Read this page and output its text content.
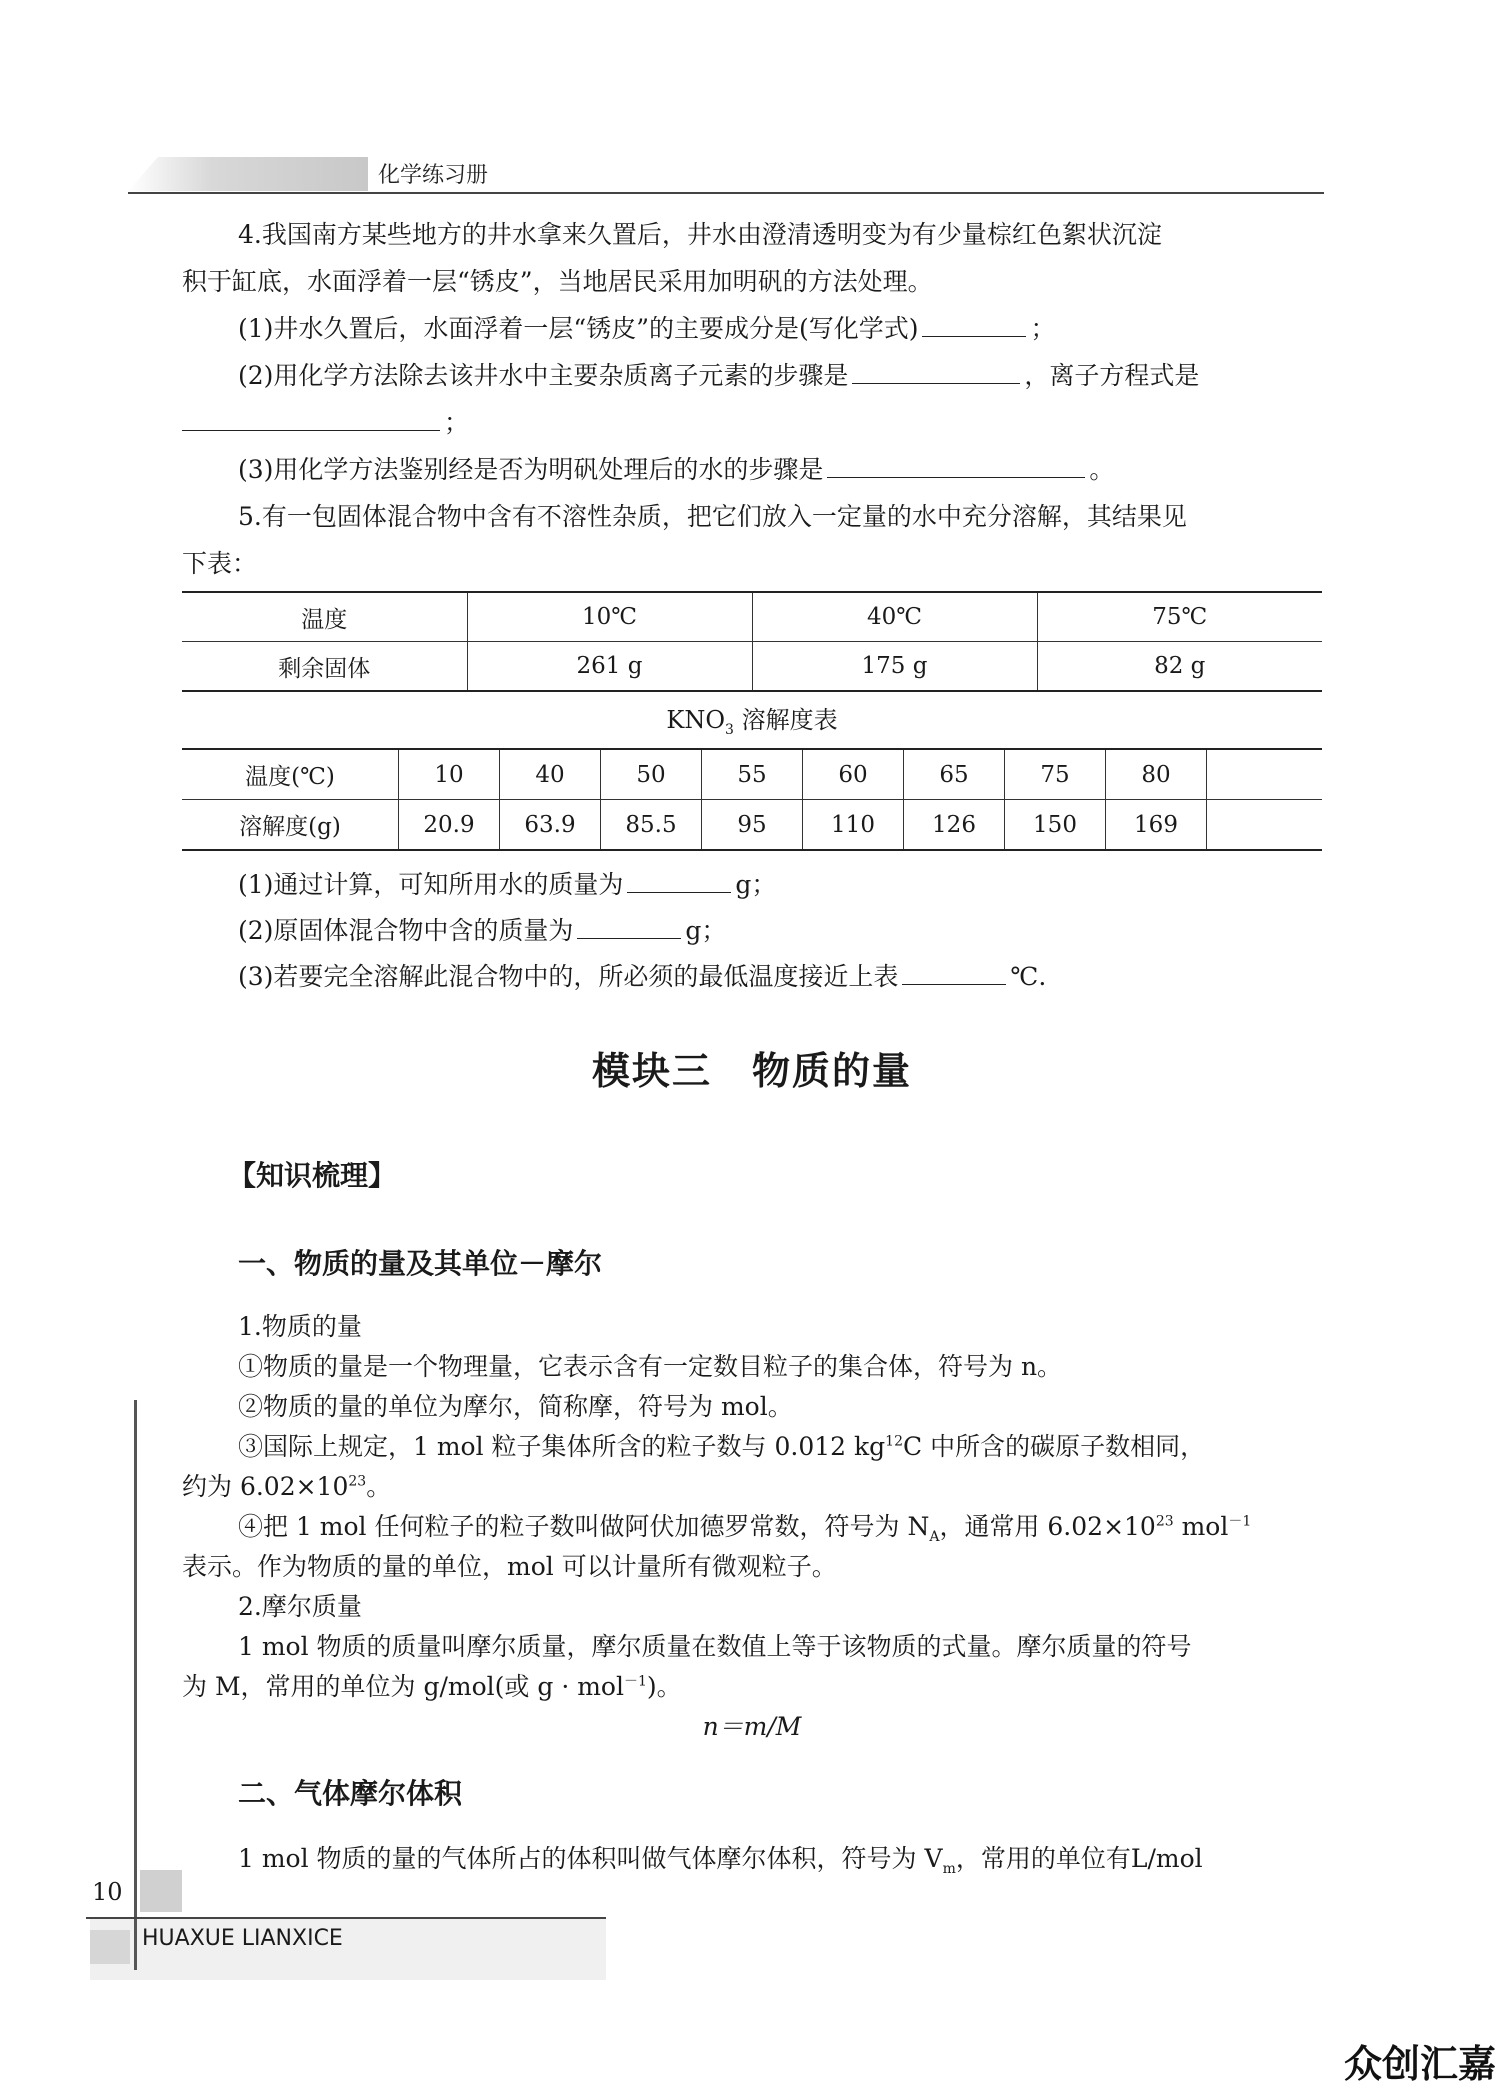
化学练习册
4.我国南方某些地方的井水拿来久置后，井水由澄清透明变为有少量棕红色絮状沉淀
积于缸底，水面浮着一层“锈皮”，当地居民采用加明矾的方法处理。
(1)井水久置后，水面浮着一层“锈皮”的主要成分是(写化学式)	；
(2)用化学方法除去该井水中主要杂质离子元素的步骤是	，离子方程式是
；
(3)用化学方法鉴别经是否为明矾处理后的水的步骤是	。
5.有一包固体混合物中含有不溶性杂质，把它们放入一定量的水中充分溶解，其结果见
下表：
温度	10℃	40℃	75℃
剩余固体	261 g	175 g	82 g
$KNO_3$ 溶解度表
温度(℃)	10	40	50	55	60	65	75	80	
溶解度(g)	20.9	63.9	85.5	95	110	126	150	169	
(1)通过计算，可知所用水的质量为	g；
(2)原固体混合物中含的质量为	g；
(3)若要完全溶解此混合物中的，所必须的最低温度接近上表	℃.
模块三　物质的量
【知识梳理】
一、物质的量及其单位－摩尔
1.物质的量
①物质的量是一个物理量，它表示含有一定数目粒子的集合体，符号为 n。
②物质的量的单位为摩尔，简称摩，符号为 mol。
③国际上规定，1 mol 粒子集体所含的粒子数与 0.012 $kg^{12}C$ 中所含的碳原子数相同，
约为 $6.02\times 10^{23}$。
④把 1 mol 任何粒子的粒子数叫做阿伏加德罗常数，符号为 $N_A$，通常用 $6.02\times 10^{23}$ mol$^{-1}$
表示。作为物质的量的单位，mol 可以计量所有微观粒子。
2.摩尔质量
1 mol 物质的质量叫摩尔质量，摩尔质量在数值上等于该物质的式量。摩尔质量的符号
为 M，常用的单位为 g/mol(或 g · mol$^{-1}$)。
n＝m/M
二、气体摩尔体积
1 mol 物质的量的气体所占的体积叫做气体摩尔体积，符号为 $V_m$，常用的单位有L/mol
10
HUAXUE LIANXICE
众创汇嘉
